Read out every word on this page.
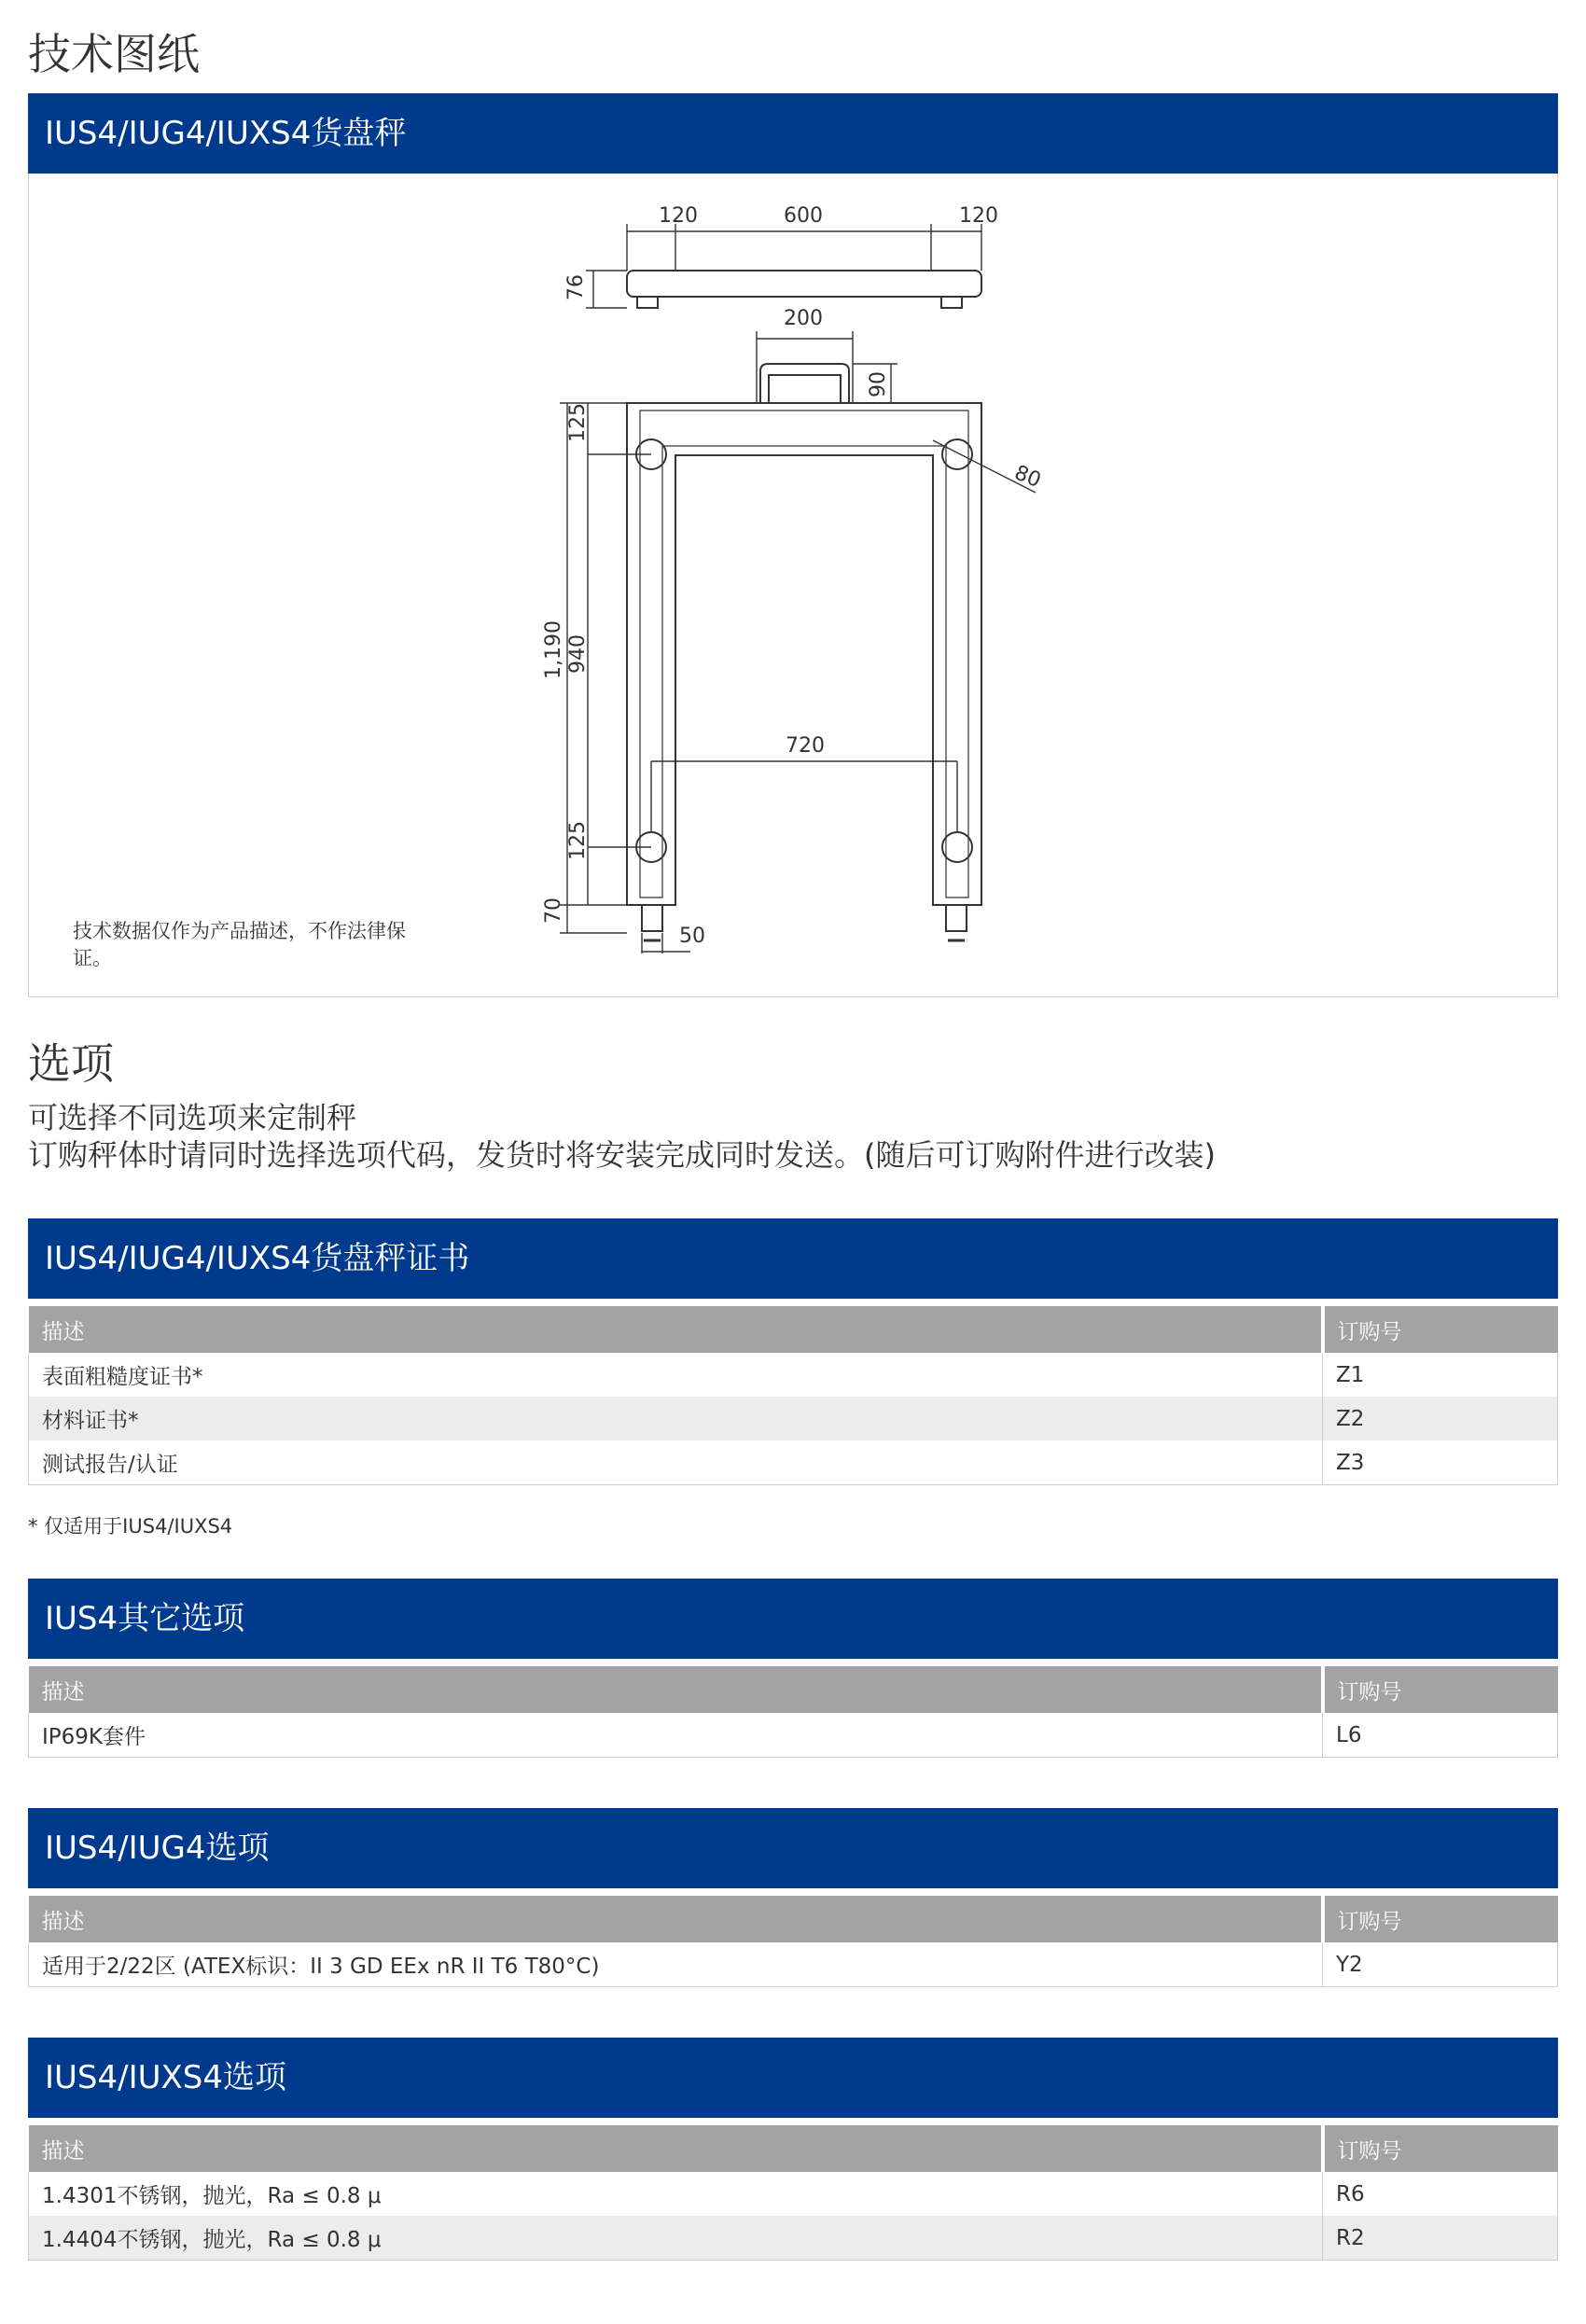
技术图纸
IUS4/IUG4/IUXS4货盘秤
120	600	120
76
200
90
125
1,190 940
720
125
70
80
50
技术数据仅作为产品描述，不作法律保证。
选项
可选择不同选项来定制秤
订购秤体时请同时选择选项代码，发货时将安装完成同时发送。(随后可订购附件进行改装)
IUS4/IUG4/IUXS4货盘秤证书
描述	订购号
表面粗糙度证书*	Z1
材料证书*	Z2
测试报告/认证	Z3
* 仅适用于IUS4/IUXS4
IUS4其它选项
描述	订购号
IP69K套件	L6
IUS4/IUG4选项
描述	订购号
适用于2/22区 (ATEX标识：II 3 GD EEx nR II T6 T80°C)	Y2
IUS4/IUXS4选项
描述	订购号
1.4301不锈钢，抛光，Ra ≤ 0.8 μ	R6
1.4404不锈钢，抛光，Ra ≤ 0.8 μ	R2
